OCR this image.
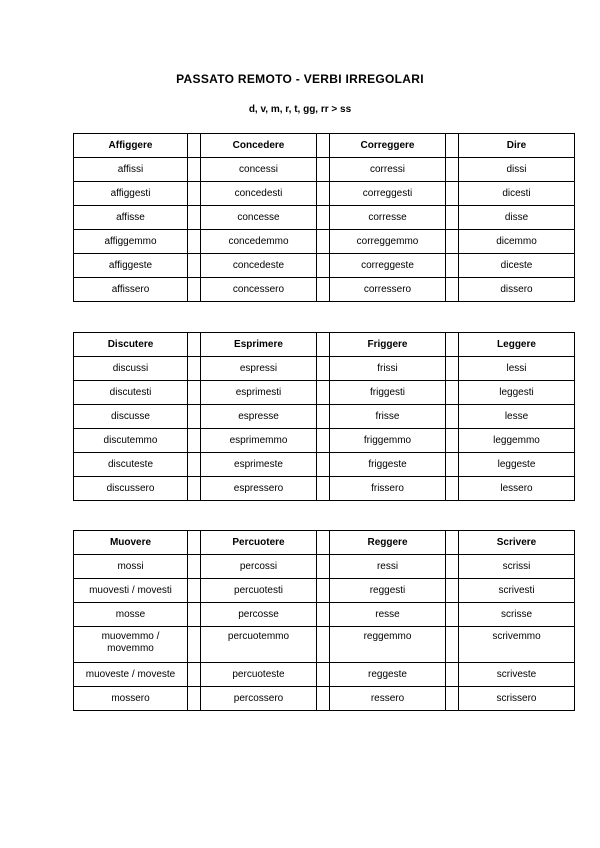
PASSATO REMOTO - VERBI IRREGOLARI
d, v, m, r, t, gg, rr > ss
Affiggere		Concedere		Correggere		Dire
affissi		concessi		corressi		dissi
affiggesti		concedesti		correggesti		dicesti
affisse		concesse		corresse		disse
affiggemmo		concedemmo		correggemmo		dicemmo
affiggeste		concedeste		correggeste		diceste
affissero		concessero		corressero		dissero
Discutere		Esprimere		Friggere		Leggere
discussi		espressi		frissi		lessi
discutesti		esprimesti		friggesti		leggesti
discusse		espresse		frisse		lesse
discutemmo		esprimemmo		friggemmo		leggemmo
discuteste		esprimeste		friggeste		leggeste
discussero		espressero		frissero		lessero
Muovere		Percuotere		Reggere		Scrivere
mossi		percossi		ressi		scrissi
muovesti / movesti		percuotesti		reggesti		scrivesti
mosse		percosse		resse		scrisse
muovemmo / movemmo		percuotemmo		reggemmo		scrivemmo
muoveste / moveste		percuoteste		reggeste		scriveste
mossero		percossero		ressero		scrissero
